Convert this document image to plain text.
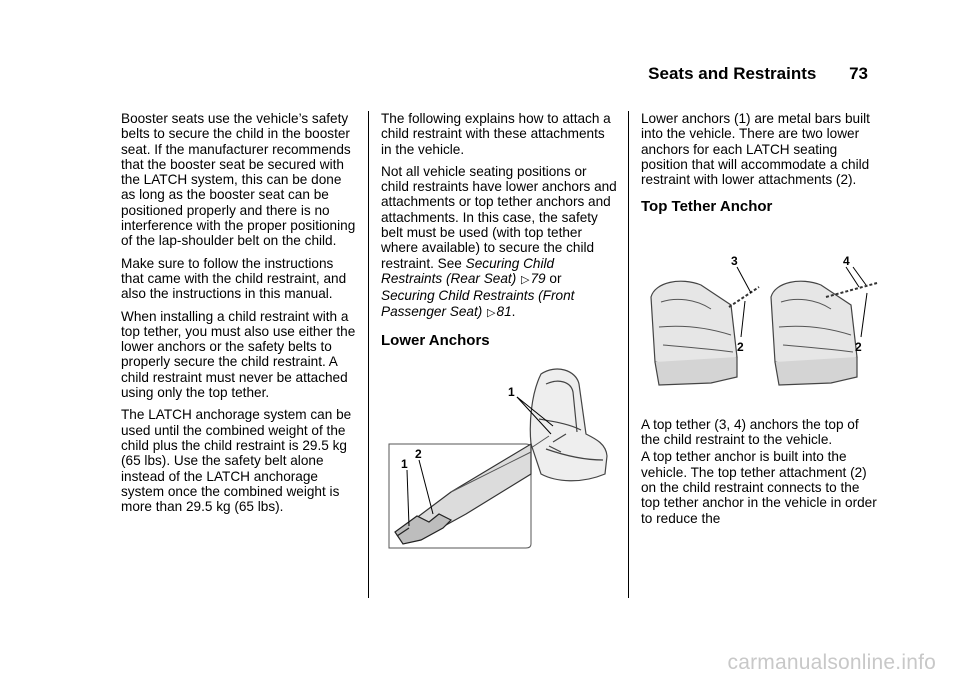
Seats and Restraints 73

Booster seats use the vehicle’s safety belts to secure the child in the booster seat. If the manufacturer recommends that the booster seat be secured with the LATCH system, this can be done as long as the booster seat can be positioned properly and there is no interference with the proper positioning of the lap-shoulder belt on the child.

Make sure to follow the instructions that came with the child restraint, and also the instructions in this manual.

When installing a child restraint with a top tether, you must also use either the lower anchors or the safety belts to properly secure the child restraint. A child restraint must never be attached using only the top tether.

The LATCH anchorage system can be used until the combined weight of the child plus the child restraint is 29.5 kg (65 lbs). Use the safety belt alone instead of the LATCH anchorage system once the combined weight is more than 29.5 kg (65 lbs).

The following explains how to attach a child restraint with these attachments in the vehicle.

Not all vehicle seating positions or child restraints have lower anchors and attachments or top tether anchors and attachments. In this case, the safety belt must be used (with top tether where available) to secure the child restraint. See Securing Child Restraints (Rear Seat) ▷79 or Securing Child Restraints (Front Passenger Seat) ▷81.

Lower Anchors
1
2
1

Lower anchors (1) are metal bars built into the vehicle. There are two lower anchors for each LATCH seating position that will accommodate a child restraint with lower attachments (2).

Top Tether Anchor
3
2
4
2

A top tether (3, 4) anchors the top of the child restraint to the vehicle.

A top tether anchor is built into the vehicle. The top tether attachment (2) on the child restraint connects to the top tether anchor in the vehicle in order to reduce the

carmanualsonline.info
